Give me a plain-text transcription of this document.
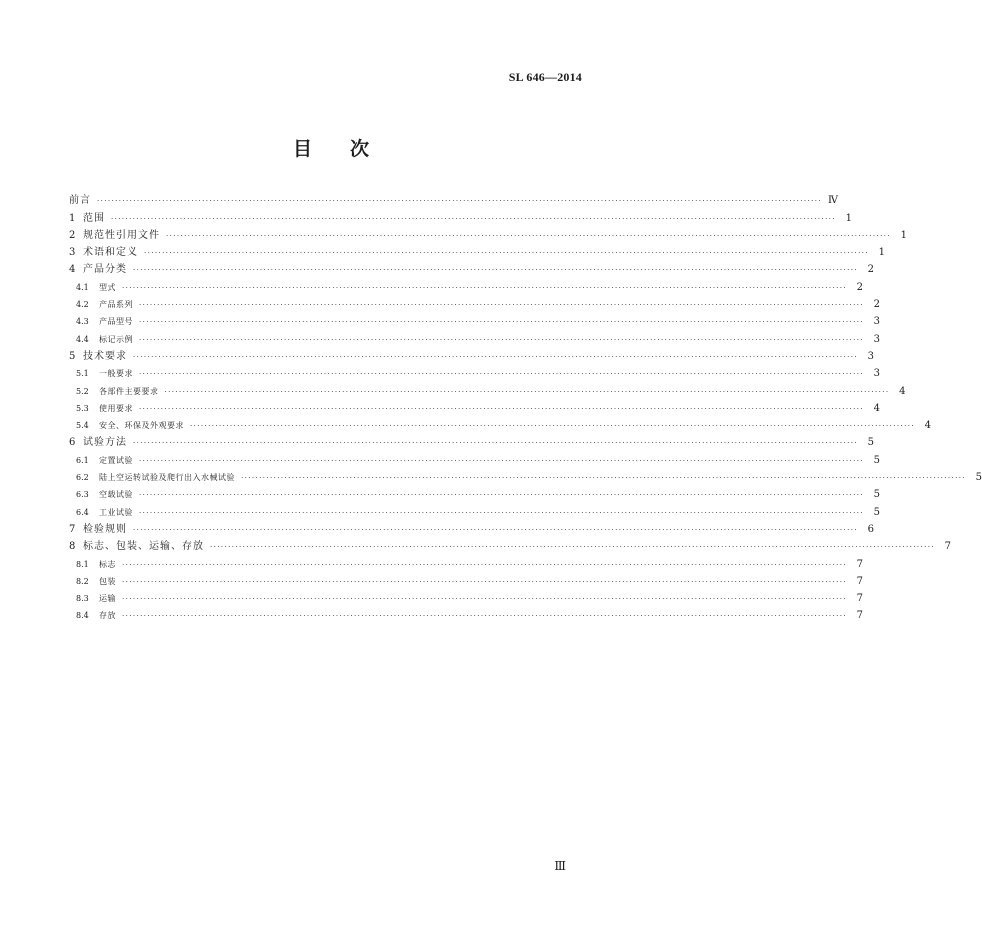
SL 646—2014
目 次
前言 ········································································································································································································ Ⅳ
1 范围 ········································································································································································································ 1
2 规范性引用文件 ········································································································································································································ 1
3 术语和定义 ········································································································································································································ 1
4 产品分类 ········································································································································································································ 2
4.1	型式 ········································································································································································································ 2
4.2	产品系列 ········································································································································································································ 2
4.3	产品型号 ········································································································································································································ 3
4.4	标记示例 ········································································································································································································ 3
5 技术要求 ········································································································································································································ 3
5.1	一般要求 ········································································································································································································ 3
5.2	各部件主要要求 ········································································································································································································ 4
5.3	使用要求 ········································································································································································································ 4
5.4	安全、环保及外观要求 ········································································································································································································ 4
6 试验方法 ········································································································································································································ 5
6.1	定置试验 ········································································································································································································ 5
6.2	陆上空运转试验及爬行出入水械试验 ········································································································································································································ 5
6.3	空载试验 ········································································································································································································ 5
6.4	工业试验 ········································································································································································································ 5
7 检验规则 ········································································································································································································ 6
8 标志、包装、运输、存放 ········································································································································································································ 7
8.1	标志 ········································································································································································································ 7
8.2	包装 ········································································································································································································ 7
8.3	运输 ········································································································································································································ 7
8.4	存放 ········································································································································································································ 7
Ⅲ
